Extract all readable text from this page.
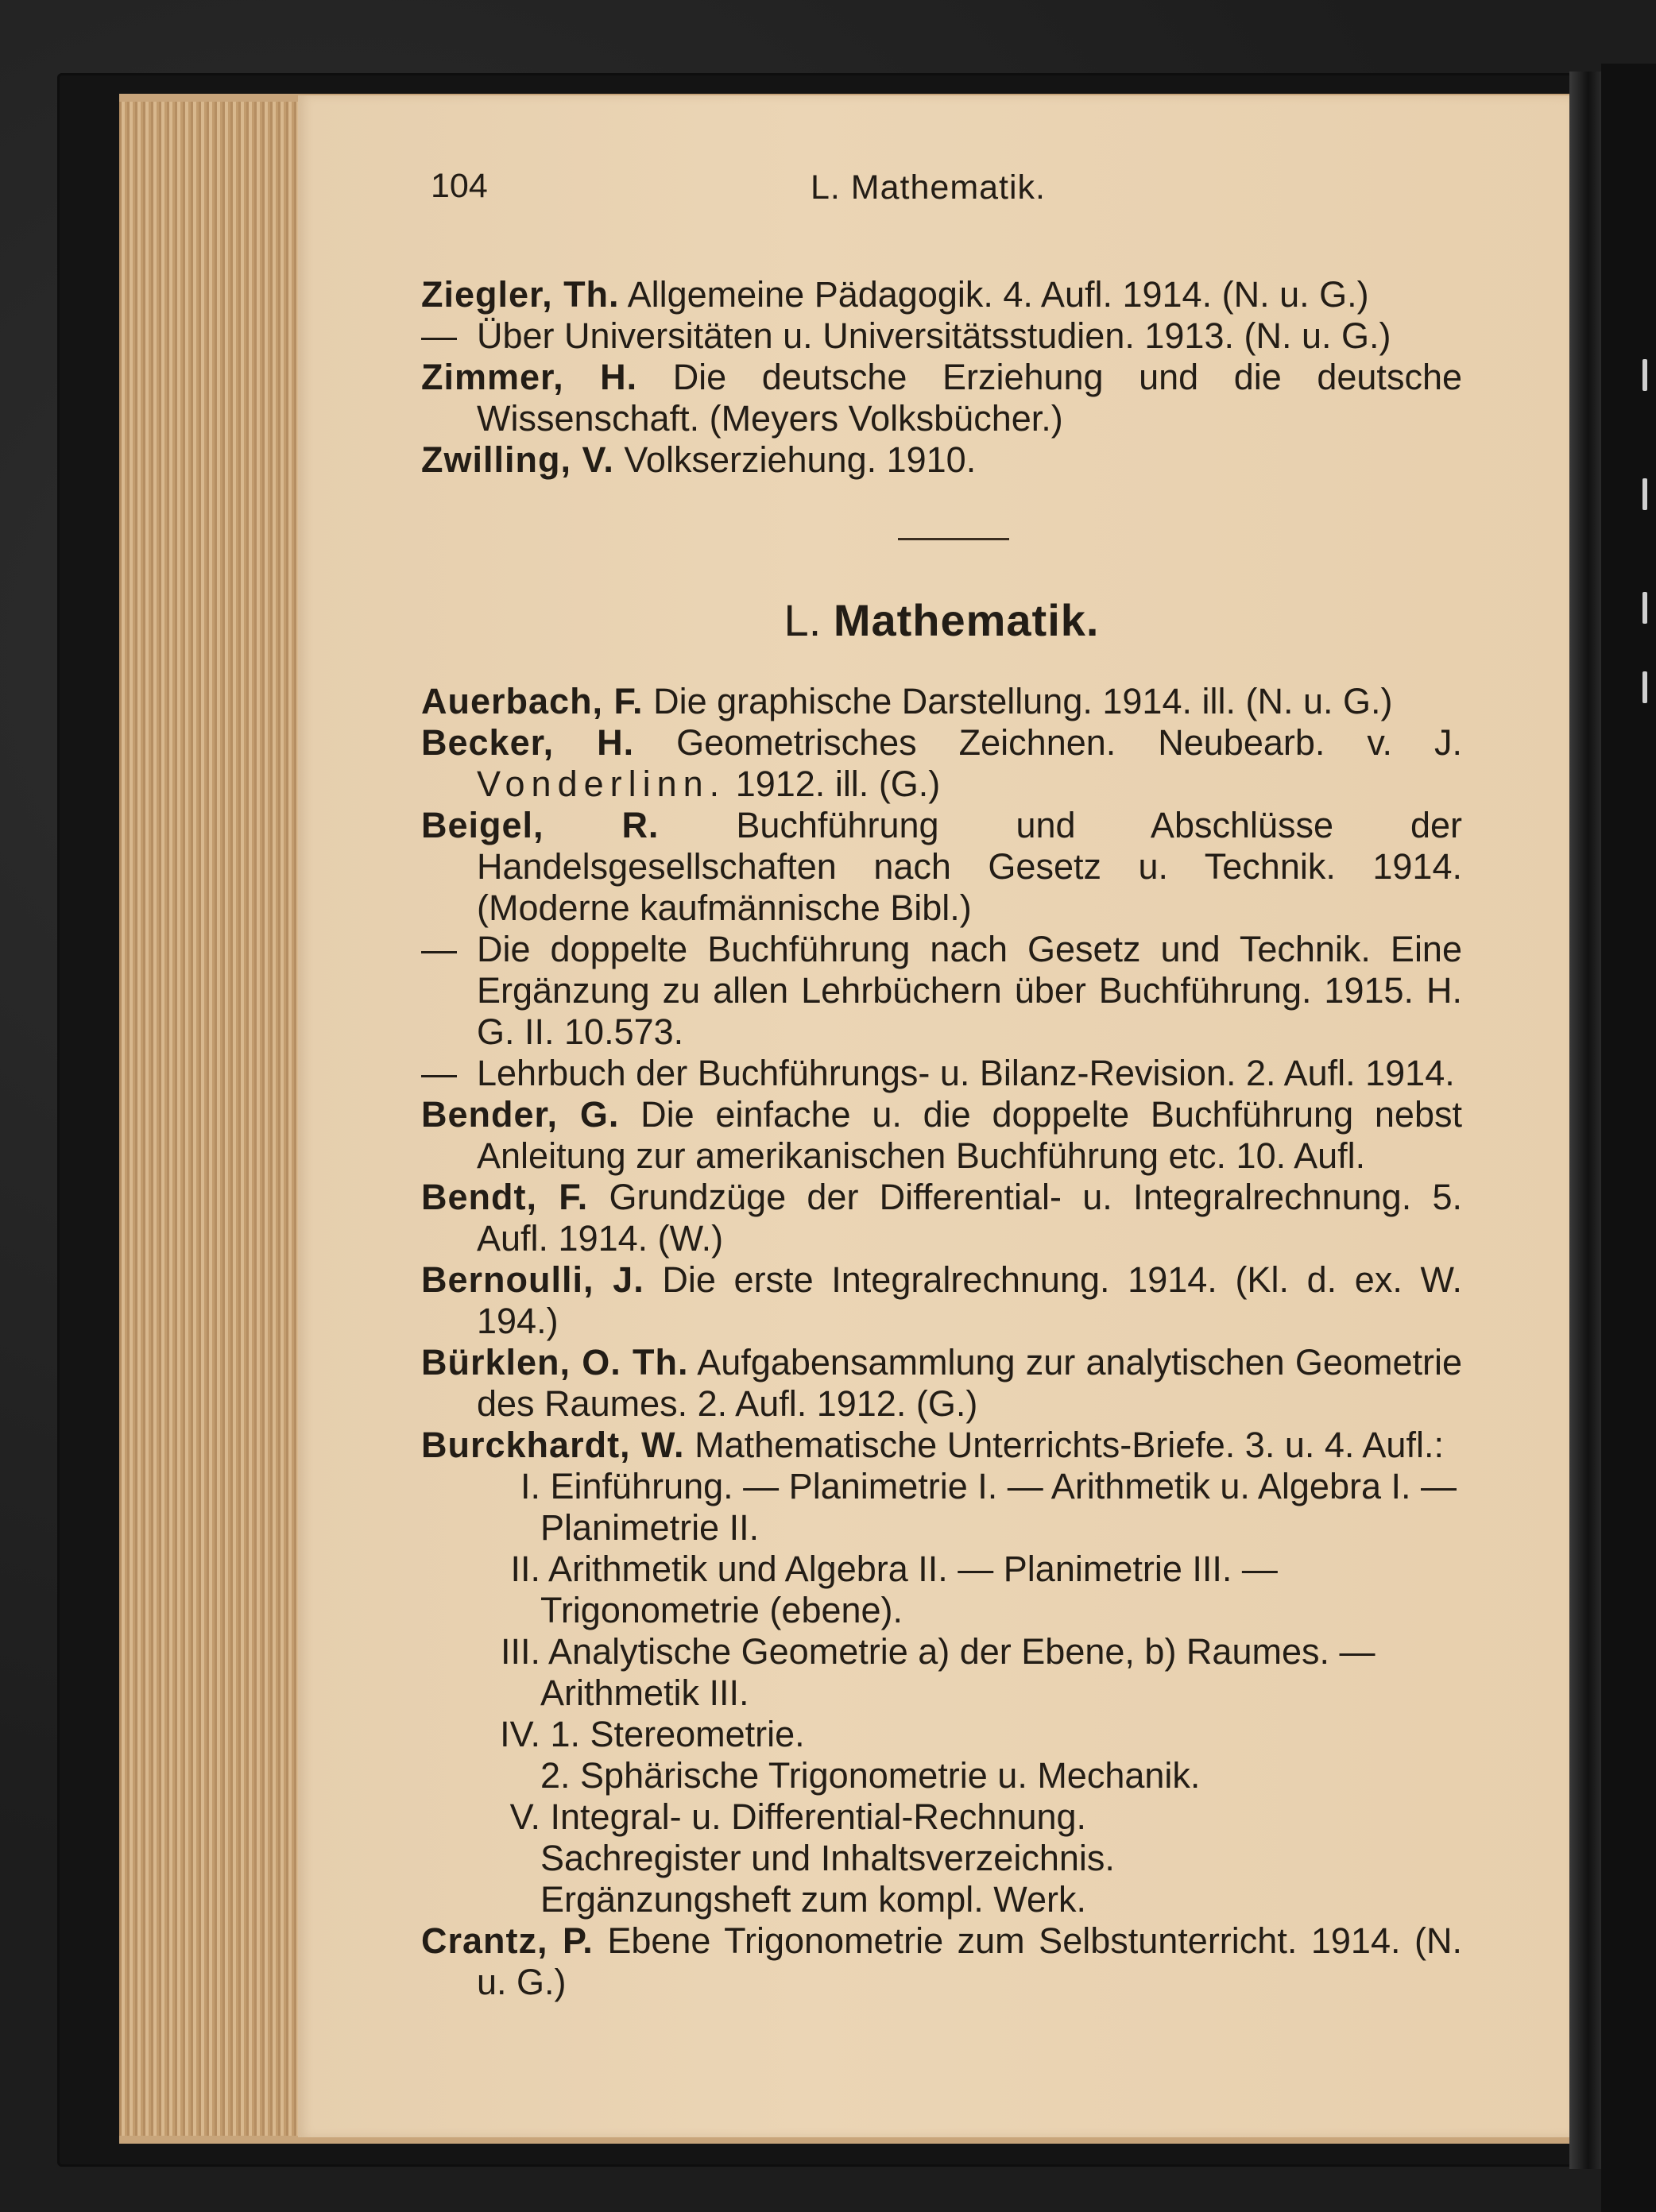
104	L. Mathematik.

Ziegler, Th. Allgemeine Pädagogik. 4. Aufl. 1914. (N. u. G.)

— Über Universitäten u. Universitätsstudien. 1913. (N. u. G.)

Zimmer, H. Die deutsche Erziehung und die deutsche Wissenschaft. (Meyers Volksbücher.)

Zwilling, V. Volkserziehung. 1910.

L. Mathematik.

Auerbach, F. Die graphische Darstellung. 1914. ill. (N. u. G.)

Becker, H. Geometrisches Zeichnen. Neubearb. v. J. Vonderlinn. 1912. ill. (G.)

Beigel, R. Buchführung und Abschlüsse der Handelsgesellschaften nach Gesetz u. Technik. 1914. (Moderne kaufmännische Bibl.)

— Die doppelte Buchführung nach Gesetz und Technik. Eine Ergänzung zu allen Lehrbüchern über Buchführung. 1915. H. G. II. 10.573.

— Lehrbuch der Buchführungs- u. Bilanz-Revision. 2. Aufl. 1914.

Bender, G. Die einfache u. die doppelte Buchführung nebst Anleitung zur amerikanischen Buchführung etc. 10. Aufl.

Bendt, F. Grundzüge der Differential- u. Integralrechnung. 5. Aufl. 1914. (W.)

Bernoulli, J. Die erste Integralrechnung. 1914. (Kl. d. ex. W. 194.)

Bürklen, O. Th. Aufgabensammlung zur analytischen Geometrie des Raumes. 2. Aufl. 1912. (G.)

Burckhardt, W. Mathematische Unterrichts-Briefe. 3. u. 4. Aufl.:

I. Einführung. — Planimetrie I. — Arithmetik u. Algebra I. — Planimetrie II.

II. Arithmetik und Algebra II. — Planimetrie III. — Trigonometrie (ebene).

III. Analytische Geometrie a) der Ebene, b) Raumes. — Arithmetik III.

IV. 1. Stereometrie.

2. Sphärische Trigonometrie u. Mechanik.

V. Integral- u. Differential-Rechnung.

Sachregister und Inhaltsverzeichnis.

Ergänzungsheft zum kompl. Werk.

Crantz, P. Ebene Trigonometrie zum Selbstunterricht. 1914. (N. u. G.)
